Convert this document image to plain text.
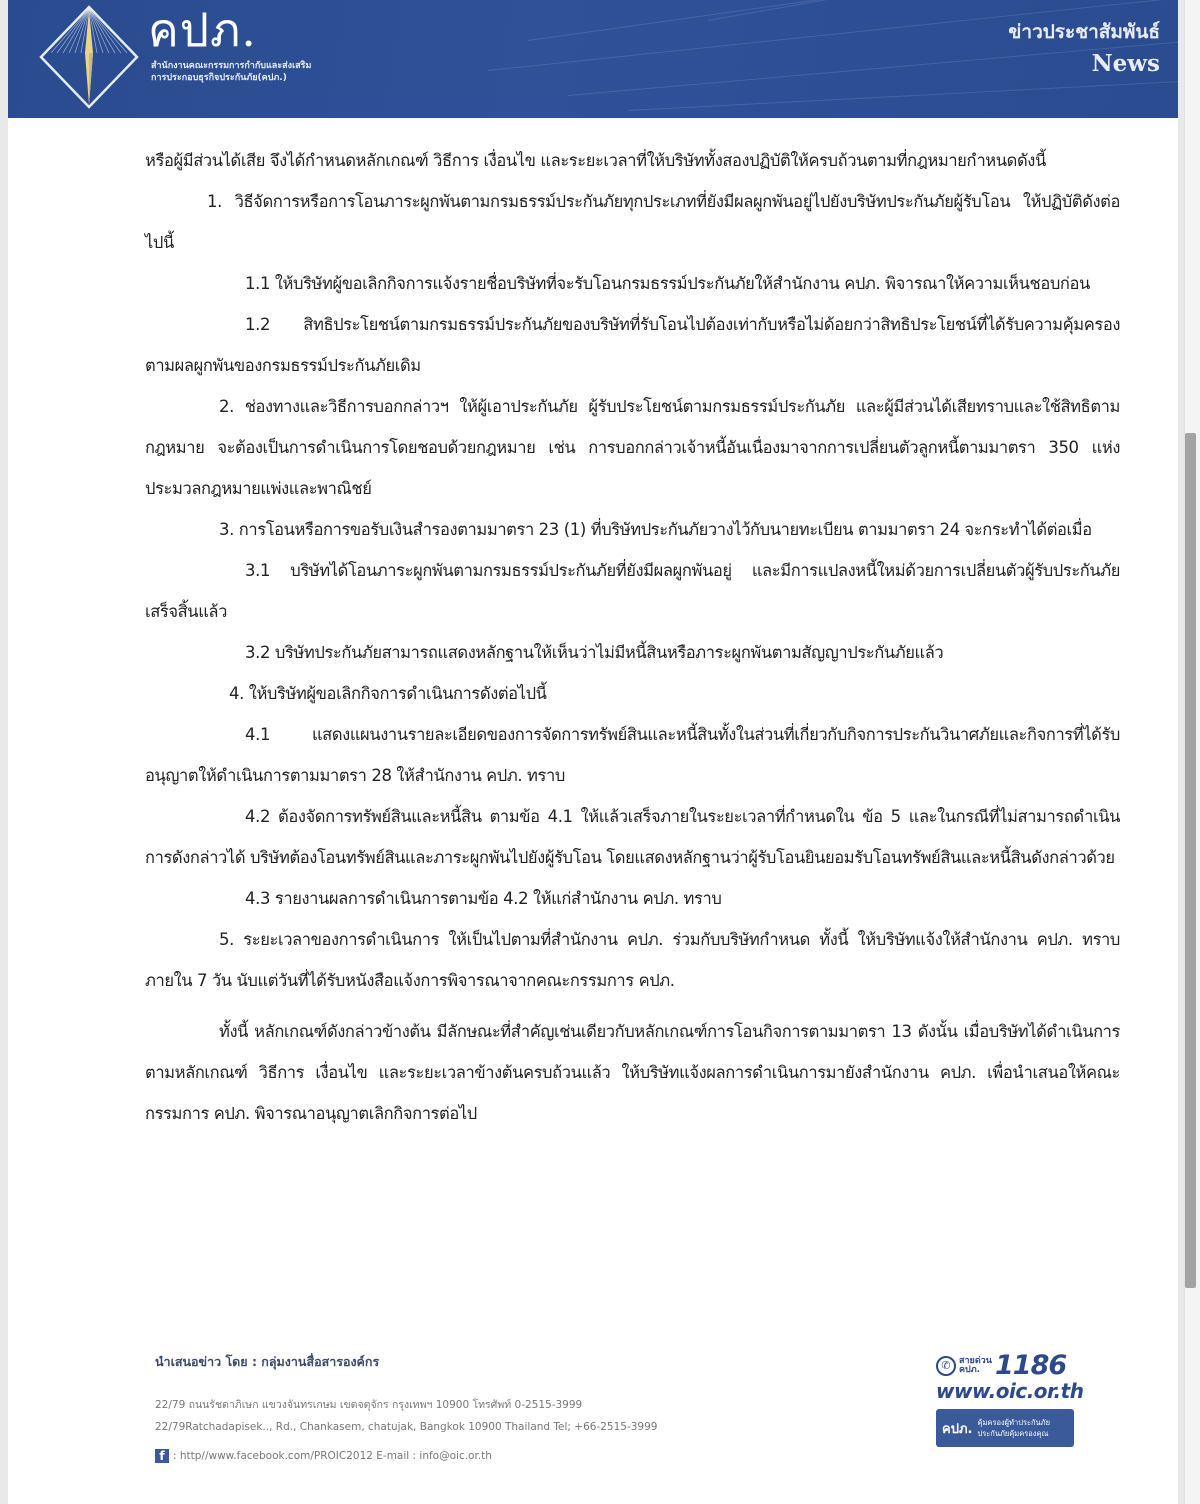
คปภ.
สำนักงานคณะกรรมการกำกับและส่งเสริม
การประกอบธุรกิจประกันภัย(คปภ.)
ข่าวประชาสัมพันธ์
News

หรือผู้มีส่วนได้เสีย จึงได้กำหนดหลักเกณฑ์ วิธีการ เงื่อนไข และระยะเวลาที่ให้บริษัททั้งสองปฏิบัติให้ครบถ้วนตามที่กฎหมายกำหนดดังนี้

1. วิธีจัดการหรือการโอนภาระผูกพันตามกรมธรรม์ประกันภัยทุกประเภทที่ยังมีผลผูกพันอยู่ไปยังบริษัทประกันภัยผู้รับโอน ให้ปฏิบัติดังต่อไปนี้

1.1 ให้บริษัทผู้ขอเลิกกิจการแจ้งรายชื่อบริษัทที่จะรับโอนกรมธรรม์ประกันภัยให้สำนักงาน คปภ. พิจารณาให้ความเห็นชอบก่อน

1.2 สิทธิประโยชน์ตามกรมธรรม์ประกันภัยของบริษัทที่รับโอนไปต้องเท่ากับหรือไม่ด้อยกว่าสิทธิประโยชน์ที่ได้รับความคุ้มครองตามผลผูกพันของกรมธรรม์ประกันภัยเดิม

2. ช่องทางและวิธีการบอกกล่าวฯ ให้ผู้เอาประกันภัย ผู้รับประโยชน์ตามกรมธรรม์ประกันภัย และผู้มีส่วนได้เสียทราบและใช้สิทธิตามกฎหมาย จะต้องเป็นการดำเนินการโดยชอบด้วยกฎหมาย เช่น การบอกกล่าวเจ้าหนี้อันเนื่องมาจากการเปลี่ยนตัวลูกหนี้ตามมาตรา 350 แห่งประมวลกฎหมายแพ่งและพาณิชย์

3. การโอนหรือการขอรับเงินสำรองตามมาตรา 23 (1) ที่บริษัทประกันภัยวางไว้กับนายทะเบียน ตามมาตรา 24 จะกระทำได้ต่อเมื่อ

3.1 บริษัทได้โอนภาระผูกพันตามกรมธรรม์ประกันภัยที่ยังมีผลผูกพันอยู่ และมีการแปลงหนี้ใหม่ด้วยการเปลี่ยนตัวผู้รับประกันภัยเสร็จสิ้นแล้ว

3.2 บริษัทประกันภัยสามารถแสดงหลักฐานให้เห็นว่าไม่มีหนี้สินหรือภาระผูกพันตามสัญญาประกันภัยแล้ว

4. ให้บริษัทผู้ขอเลิกกิจการดำเนินการดังต่อไปนี้

4.1 แสดงแผนงานรายละเอียดของการจัดการทรัพย์สินและหนี้สินทั้งในส่วนที่เกี่ยวกับกิจการประกันวินาศภัยและกิจการที่ได้รับอนุญาตให้ดำเนินการตามมาตรา 28 ให้สำนักงาน คปภ. ทราบ

4.2 ต้องจัดการทรัพย์สินและหนี้สิน ตามข้อ 4.1 ให้แล้วเสร็จภายในระยะเวลาที่กำหนดใน ข้อ 5 และในกรณีที่ไม่สามารถดำเนินการดังกล่าวได้ บริษัทต้องโอนทรัพย์สินและภาระผูกพันไปยังผู้รับโอน โดยแสดงหลักฐานว่าผู้รับโอนยินยอมรับโอนทรัพย์สินและหนี้สินดังกล่าวด้วย

4.3 รายงานผลการดำเนินการตามข้อ 4.2 ให้แก่สำนักงาน คปภ. ทราบ

5. ระยะเวลาของการดำเนินการ ให้เป็นไปตามที่สำนักงาน คปภ. ร่วมกับบริษัทกำหนด ทั้งนี้ ให้บริษัทแจ้งให้สำนักงาน คปภ. ทราบภายใน 7 วัน นับแต่วันที่ได้รับหนังสือแจ้งการพิจารณาจากคณะกรรมการ คปภ.

ทั้งนี้ หลักเกณฑ์ดังกล่าวข้างต้น มีลักษณะที่สำคัญเช่นเดียวกับหลักเกณฑ์การโอนกิจการตามมาตรา 13 ดังนั้น เมื่อบริษัทได้ดำเนินการตามหลักเกณฑ์ วิธีการ เงื่อนไข และระยะเวลาข้างต้นครบถ้วนแล้ว ให้บริษัทแจ้งผลการดำเนินการมายังสำนักงาน คปภ. เพื่อนำเสนอให้คณะกรรมการ คปภ. พิจารณาอนุญาตเลิกกิจการต่อไป

นำเสนอข่าว โดย : กลุ่มงานสื่อสารองค์กร
22/79 ถนนรัชดาภิเษก แขวงจันทรเกษม เขตจตุจักร กรุงเทพฯ 10900 โทรศัพท์ 0-2515-3999
22/79Ratchadapisek.., Rd., Chankasem, chatujak, Bangkok 10900 Thailand Tel; +66-2515-3999
f : http//www.facebook.com/PROIC2012 E-mail : info@oic.or.th
✆ สายด่วน คปภ. 1186
www.oic.or.th
คปภ. คุ้มครองผู้ทำประกันภัย
ประกันภัยคุ้มครองคุณ
